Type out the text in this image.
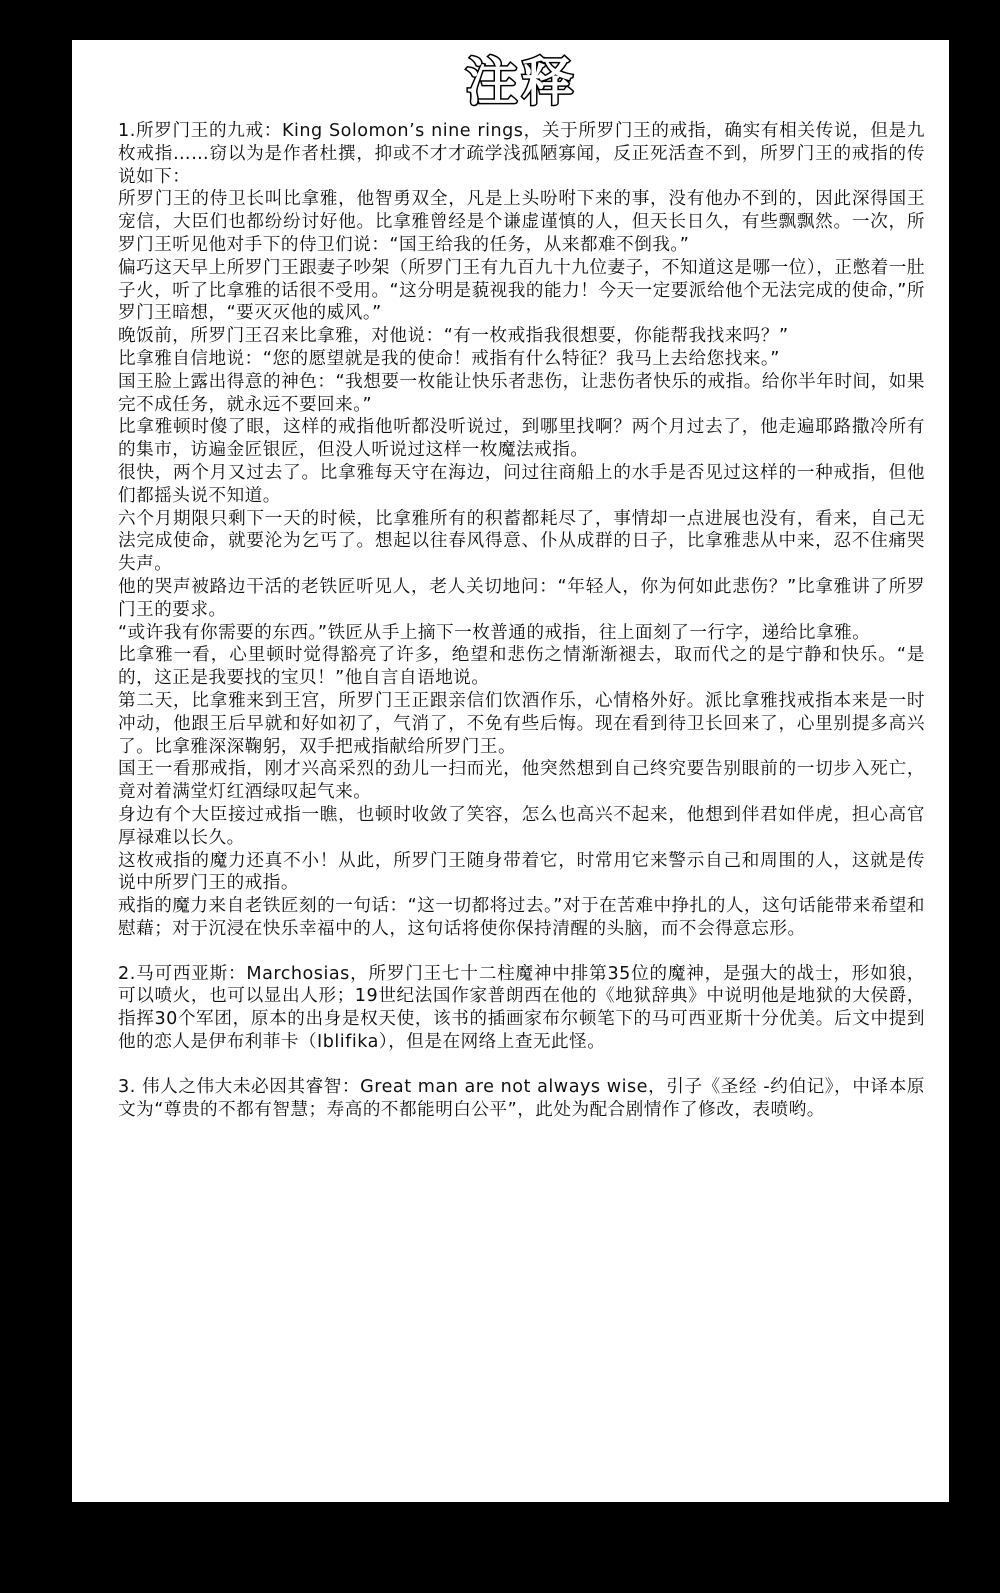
注释

1.所罗门王的九戒：King Solomon’s nine rings，关于所罗门王的戒指，确实有相关传说，但是九枚戒指……窃以为是作者杜撰，抑或不才才疏学浅孤陋寡闻，反正死活查不到，所罗门王的戒指的传说如下：

所罗门王的侍卫长叫比拿雅，他智勇双全，凡是上头吩咐下来的事，没有他办不到的，因此深得国王宠信，大臣们也都纷纷讨好他。比拿雅曾经是个谦虚谨慎的人，但天长日久，有些飘飘然。一次，所罗门王听见他对手下的侍卫们说：“国王给我的任务，从来都难不倒我。”

偏巧这天早上所罗门王跟妻子吵架（所罗门王有九百九十九位妻子，不知道这是哪一位），正憋着一肚子火，听了比拿雅的话很不受用。“这分明是藐视我的能力！今天一定要派给他个无法完成的使命，”所罗门王暗想，“要灭灭他的威风。”

晚饭前，所罗门王召来比拿雅，对他说：“有一枚戒指我很想要，你能帮我找来吗？”

比拿雅自信地说：“您的愿望就是我的使命！戒指有什么特征？我马上去给您找来。”

国王脸上露出得意的神色：“我想要一枚能让快乐者悲伤，让悲伤者快乐的戒指。给你半年时间，如果完不成任务，就永远不要回来。”

比拿雅顿时傻了眼，这样的戒指他听都没听说过，到哪里找啊？两个月过去了，他走遍耶路撒冷所有的集市，访遍金匠银匠，但没人听说过这样一枚魔法戒指。

很快，两个月又过去了。比拿雅每天守在海边，问过往商船上的水手是否见过这样的一种戒指，但他们都摇头说不知道。

六个月期限只剩下一天的时候，比拿雅所有的积蓄都耗尽了，事情却一点进展也没有，看来，自己无法完成使命，就要沦为乞丐了。想起以往春风得意、仆从成群的日子，比拿雅悲从中来，忍不住痛哭失声。

他的哭声被路边干活的老铁匠听见人，老人关切地问：“年轻人，你为何如此悲伤？”比拿雅讲了所罗门王的要求。

“或许我有你需要的东西。”铁匠从手上摘下一枚普通的戒指，往上面刻了一行字，递给比拿雅。

比拿雅一看，心里顿时觉得豁亮了许多，绝望和悲伤之情渐渐褪去，取而代之的是宁静和快乐。“是的，这正是我要找的宝贝！”他自言自语地说。

第二天，比拿雅来到王宫，所罗门王正跟亲信们饮酒作乐，心情格外好。派比拿雅找戒指本来是一时冲动，他跟王后早就和好如初了，气消了，不免有些后悔。现在看到待卫长回来了，心里别提多高兴了。比拿雅深深鞠躬，双手把戒指献给所罗门王。

国王一看那戒指，刚才兴高采烈的劲儿一扫而光，他突然想到自己终究要告别眼前的一切步入死亡，竟对着满堂灯红酒绿叹起气来。

身边有个大臣接过戒指一瞧，也顿时收敛了笑容，怎么也高兴不起来，他想到伴君如伴虎，担心高官厚禄难以长久。

这枚戒指的魔力还真不小！从此，所罗门王随身带着它，时常用它来警示自己和周围的人，这就是传说中所罗门王的戒指。

戒指的魔力来自老铁匠刻的一句话：“这一切都将过去。”对于在苦难中挣扎的人，这句话能带来希望和慰藉；对于沉浸在快乐幸福中的人，这句话将使你保持清醒的头脑，而不会得意忘形。

2.马可西亚斯：Marchosias，所罗门王七十二柱魔神中排第35位的魔神，是强大的战士，形如狼，可以喷火，也可以显出人形；19世纪法国作家普朗西在他的《地狱辞典》中说明他是地狱的大侯爵，指挥30个军团，原本的出身是权天使，该书的插画家布尔顿笔下的马可西亚斯十分优美。后文中提到他的恋人是伊布利菲卡（Iblifika），但是在网络上查无此怪。

3. 伟人之伟大未必因其睿智：Great man are not always wise，引子《圣经 -约伯记》，中译本原文为“尊贵的不都有智慧；寿高的不都能明白公平”，此处为配合剧情作了修改，表喷哟。
